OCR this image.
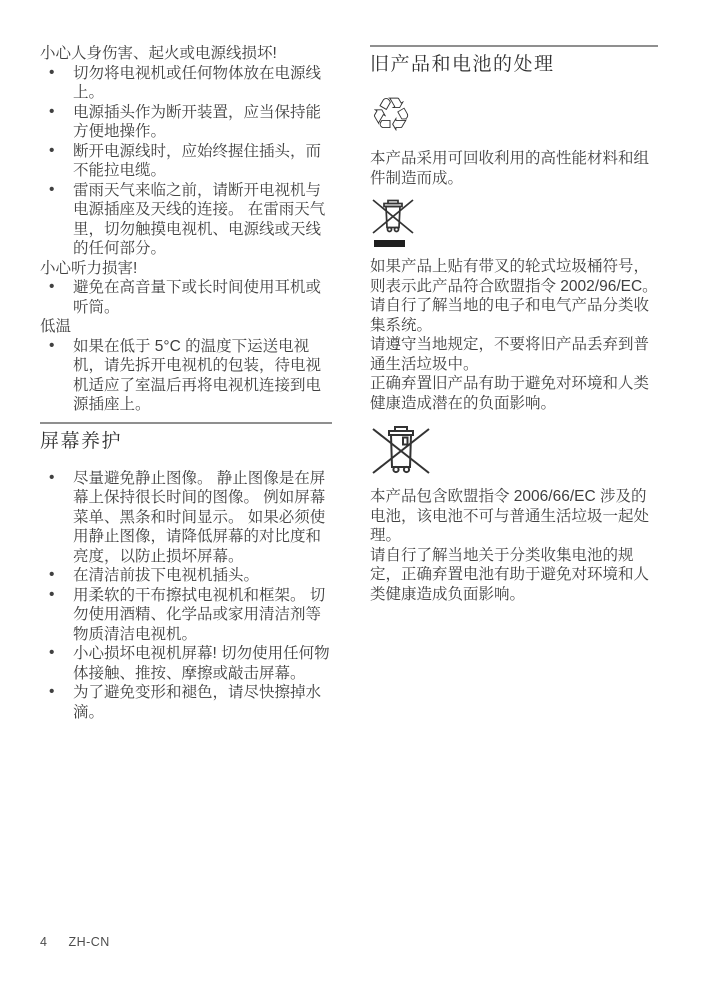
小心人身伤害、起火或电源线损坏!

• 切勿将电视机或任何物体放在电源线上。
• 电源插头作为断开装置，应当保持能方便地操作。
• 断开电源线时，应始终握住插头，而不能拉电缆。
• 雷雨天气来临之前，请断开电视机与电源插座及天线的连接。 在雷雨天气里，切勿触摸电视机、电源线或天线的任何部分。

小心听力损害!

• 避免在高音量下或长时间使用耳机或听筒。

低温

• 如果在低于 5°C 的温度下运送电视机，请先拆开电视机的包装，待电视机适应了室温后再将电视机连接到电源插座上。
屏幕养护
• 尽量避免静止图像。 静止图像是在屏幕上保持很长时间的图像。 例如屏幕菜单、黑条和时间显示。 如果必须使用静止图像，请降低屏幕的对比度和亮度，以防止损坏屏幕。
• 在清洁前拔下电视机插头。
• 用柔软的干布擦拭电视机和框架。 切勿使用酒精、化学品或家用清洁剂等物质清洁电视机。
• 小心损坏电视机屏幕! 切勿使用任何物体接触、推按、摩擦或敲击屏幕。
• 为了避免变形和褪色，请尽快擦掉水滴。
旧产品和电池的处理
♲

本产品采用可回收利用的高性能材料和组件制造而成。

如果产品上贴有带叉的轮式垃圾桶符号，则表示此产品符合欧盟指令 2002/96/EC。

请自行了解当地的电子和电气产品分类收集系统。

请遵守当地规定，不要将旧产品丢弃到普通生活垃圾中。

正确弃置旧产品有助于避免对环境和人类健康造成潜在的负面影响。

本产品包含欧盟指令 2006/66/EC 涉及的电池，该电池不可与普通生活垃圾一起处理。

请自行了解当地关于分类收集电池的规定，正确弃置电池有助于避免对环境和人类健康造成负面影响。

4 ZH-CN
